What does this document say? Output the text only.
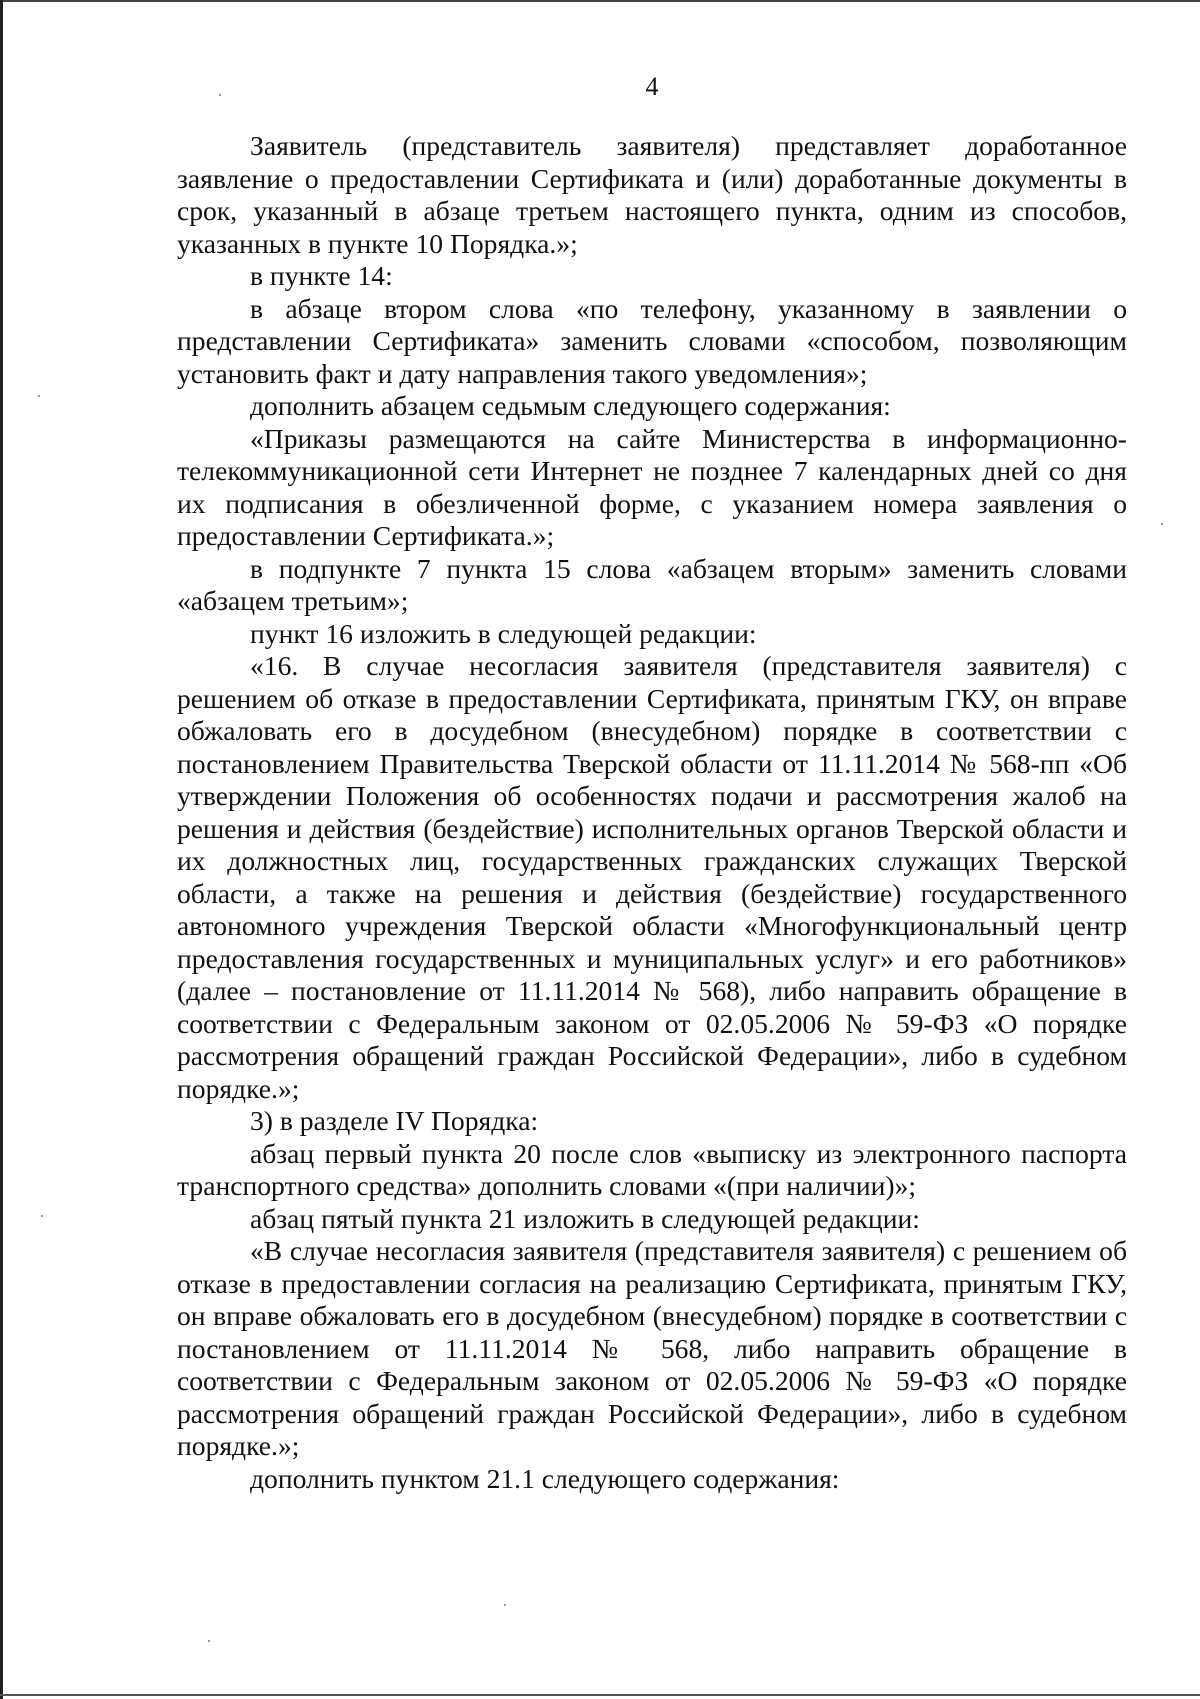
4

Заявитель (представитель заявителя) представляет доработанное заявление о предоставлении Сертификата и (или) доработанные документы в срок, указанный в абзаце третьем настоящего пункта, одним из способов, указанных в пункте 10 Порядка.»;

в пункте 14:

в абзаце втором слова «по телефону, указанному в заявлении о представлении Сертификата» заменить словами «способом, позволяющим установить факт и дату направления такого уведомления»;

дополнить абзацем седьмым следующего содержания:

«Приказы размещаются на сайте Министерства в информационно-телекоммуникационной сети Интернет не позднее 7 календарных дней со дня их подписания в обезличенной форме, с указанием номера заявления о предоставлении Сертификата.»;

в подпункте 7 пункта 15 слова «абзацем вторым» заменить словами «абзацем третьим»;

пункт 16 изложить в следующей редакции:

«16. В случае несогласия заявителя (представителя заявителя) с решением об отказе в предоставлении Сертификата, принятым ГКУ, он вправе обжаловать его в досудебном (внесудебном) порядке в соответствии с постановлением Правительства Тверской области от 11.11.2014 № 568-пп «Об утверждении Положения об особенностях подачи и рассмотрения жалоб на решения и действия (бездействие) исполнительных органов Тверской области и их должностных лиц, государственных гражданских служащих Тверской области, а также на решения и действия (бездействие) государственного автономного учреждения Тверской области «Многофункциональный центр предоставления государственных и муниципальных услуг» и его работников» (далее – постановление от 11.11.2014 № 568), либо направить обращение в соответствии с Федеральным законом от 02.05.2006 № 59-ФЗ «О порядке рассмотрения обращений граждан Российской Федерации», либо в судебном порядке.»;

3) в разделе IV Порядка:

абзац первый пункта 20 после слов «выписку из электронного паспорта транспортного средства» дополнить словами «(при наличии)»;

абзац пятый пункта 21 изложить в следующей редакции:

«В случае несогласия заявителя (представителя заявителя) с решением об отказе в предоставлении согласия на реализацию Сертификата, принятым ГКУ, он вправе обжаловать его в досудебном (внесудебном) порядке в соответствии с постановлением от 11.11.2014 № 568, либо направить обращение в соответствии с Федеральным законом от 02.05.2006 № 59-ФЗ «О порядке рассмотрения обращений граждан Российской Федерации», либо в судебном порядке.»;

дополнить пунктом 21.1 следующего содержания:
